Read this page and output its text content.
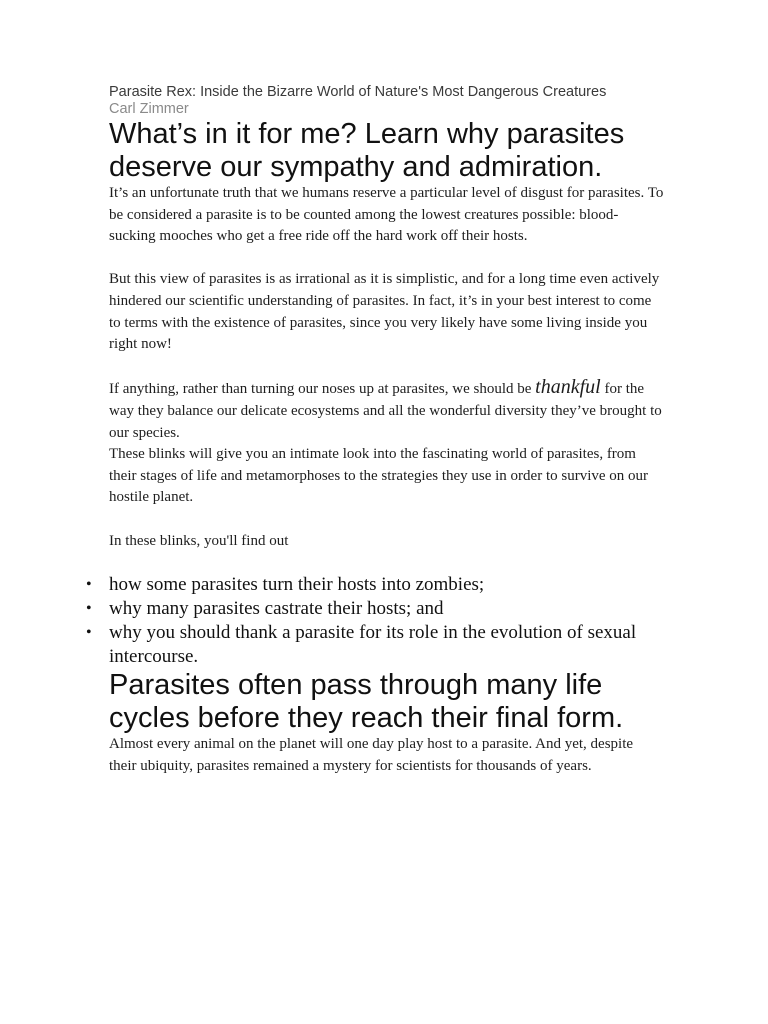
Parasite Rex: Inside the Bizarre World of Nature's Most Dangerous Creatures

Carl Zimmer

What’s in it for me? Learn why parasites deserve our sympathy and admiration.

It’s an unfortunate truth that we humans reserve a particular level of disgust for parasites. To be considered a parasite is to be counted among the lowest creatures possible: blood-sucking mooches who get a free ride off the hard work off their hosts.

But this view of parasites is as irrational as it is simplistic, and for a long time even actively hindered our scientific understanding of parasites. In fact, it’s in your best interest to come to terms with the existence of parasites, since you very likely have some living inside you right now!

If anything, rather than turning our noses up at parasites, we should be thankful for the way they balance our delicate ecosystems and all the wonderful diversity they’ve brought to our species.

These blinks will give you an intimate look into the fascinating world of parasites, from their stages of life and metamorphoses to the strategies they use in order to survive on our hostile planet.

In these blinks, you'll find out

• how some parasites turn their hosts into zombies;
• why many parasites castrate their hosts; and
• why you should thank a parasite for its role in the evolution of sexual intercourse.
Parasites often pass through many life cycles before they reach their final form.

Almost every animal on the planet will one day play host to a parasite. And yet, despite their ubiquity, parasites remained a mystery for scientists for thousands of years.
